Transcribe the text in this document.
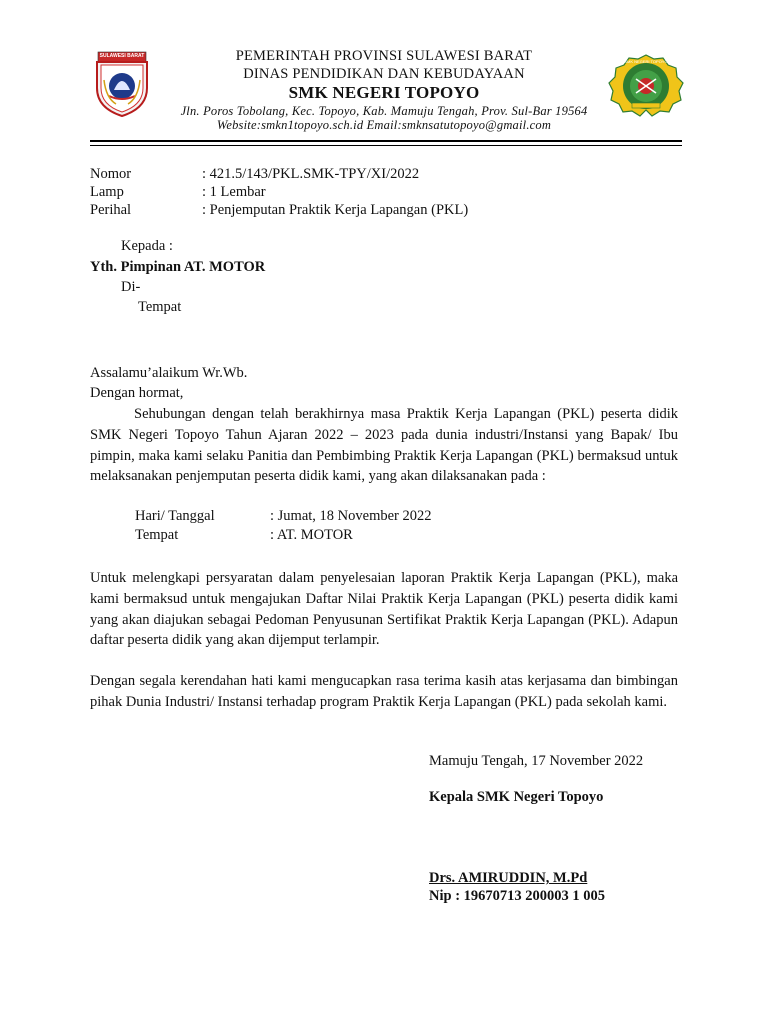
SULAWESI BARAT
SMK NEGERI TOPOYO
PEMERINTAH PROVINSI SULAWESI BARAT
DINAS PENDIDIKAN DAN KEBUDAYAAN
SMK NEGERI TOPOYO
Jln. Poros Tobolang, Kec. Topoyo, Kab. Mamuju Tengah, Prov. Sul-Bar 19564
Website:smkn1topoyo.sch.id Email:smknsatutopoyo@gmail.com
Nomor	: 421.5/143/PKL.SMK-TPY/XI/2022
Lamp	: 1 Lembar
Perihal	: Penjemputan Praktik Kerja Lapangan (PKL)
Kepada :
Yth. Pimpinan AT. MOTOR
Di-
Tempat
Assalamu’alaikum Wr.Wb.
Dengan hormat,
Sehubungan dengan telah berakhirnya masa Praktik Kerja Lapangan (PKL) peserta didik SMK Negeri Topoyo Tahun Ajaran 2022 – 2023 pada dunia industri/Instansi yang Bapak/ Ibu pimpin, maka kami selaku Panitia dan Pembimbing Praktik Kerja Lapangan (PKL) bermaksud untuk melaksanakan penjemputan peserta didik kami, yang akan dilaksanakan pada :
Hari/ Tanggal	: Jumat, 18 November 2022
Tempat	: AT. MOTOR
Untuk melengkapi persyaratan dalam penyelesaian laporan Praktik Kerja Lapangan (PKL), maka kami bermaksud untuk mengajukan Daftar Nilai Praktik Kerja Lapangan (PKL) peserta didik kami yang akan diajukan sebagai Pedoman Penyusunan Sertifikat Praktik Kerja Lapangan (PKL). Adapun daftar peserta didik yang akan dijemput terlampir.
Dengan segala kerendahan hati kami mengucapkan rasa terima kasih atas kerjasama dan bimbingan pihak Dunia Industri/ Instansi terhadap program Praktik Kerja Lapangan (PKL) pada sekolah kami.
Mamuju Tengah, 17 November 2022
Kepala SMK Negeri Topoyo
Drs. AMIRUDDIN, M.Pd
Nip : 19670713 200003 1 005
